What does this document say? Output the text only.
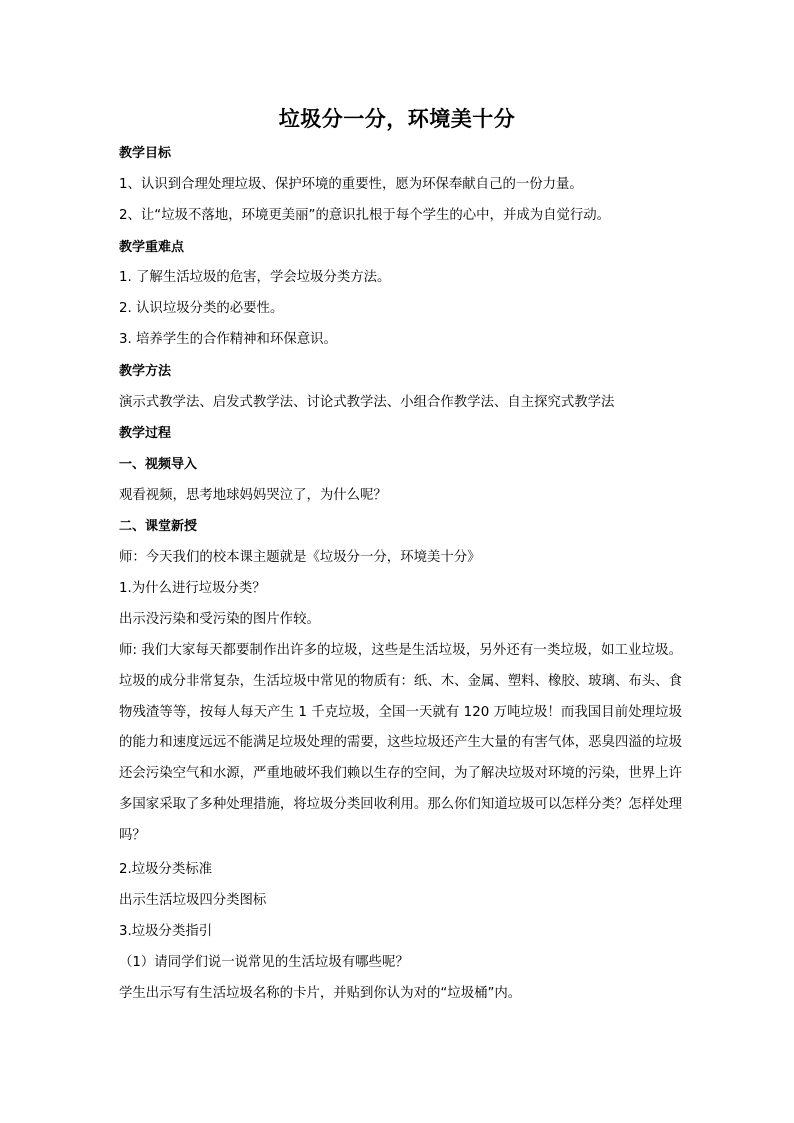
垃圾分一分，环境美十分
教学目标
1、认识到合理处理垃圾、保护环境的重要性，愿为环保奉献自己的一份力量。
2、让“垃圾不落地，环境更美丽”的意识扎根于每个学生的心中，并成为自觉行动。
教学重难点
1. 了解生活垃圾的危害，学会垃圾分类方法。
2. 认识垃圾分类的必要性。
3. 培养学生的合作精神和环保意识。
教学方法
演示式教学法、启发式教学法、讨论式教学法、小组合作教学法、自主探究式教学法
教学过程
一、视频导入
观看视频，思考地球妈妈哭泣了，为什么呢？
二、课堂新授
师：今天我们的校本课主题就是《垃圾分一分，环境美十分》
1.为什么进行垃圾分类？
出示没污染和受污染的图片作较。
师: 我们大家每天都要制作出许多的垃圾，这些是生活垃圾，另外还有一类垃圾，如工业垃圾。垃圾的成分非常复杂，生活垃圾中常见的物质有：纸、木、金属、塑料、橡胶、玻璃、布头、食物残渣等等，按每人每天产生 1 千克垃圾，全国一天就有 120 万吨垃圾！而我国目前处理垃圾的能力和速度远远不能满足垃圾处理的需要，这些垃圾还产生大量的有害气体，恶臭四溢的垃圾还会污染空气和水源，严重地破坏我们赖以生存的空间，为了解决垃圾对环境的污染，世界上许多国家采取了多种处理措施，将垃圾分类回收利用。那么你们知道垃圾可以怎样分类？怎样处理吗？
2.垃圾分类标准
出示生活垃圾四分类图标
3.垃圾分类指引
（1）请同学们说一说常见的生活垃圾有哪些呢？
学生出示写有生活垃圾名称的卡片，并贴到你认为对的“垃圾桶”内。
